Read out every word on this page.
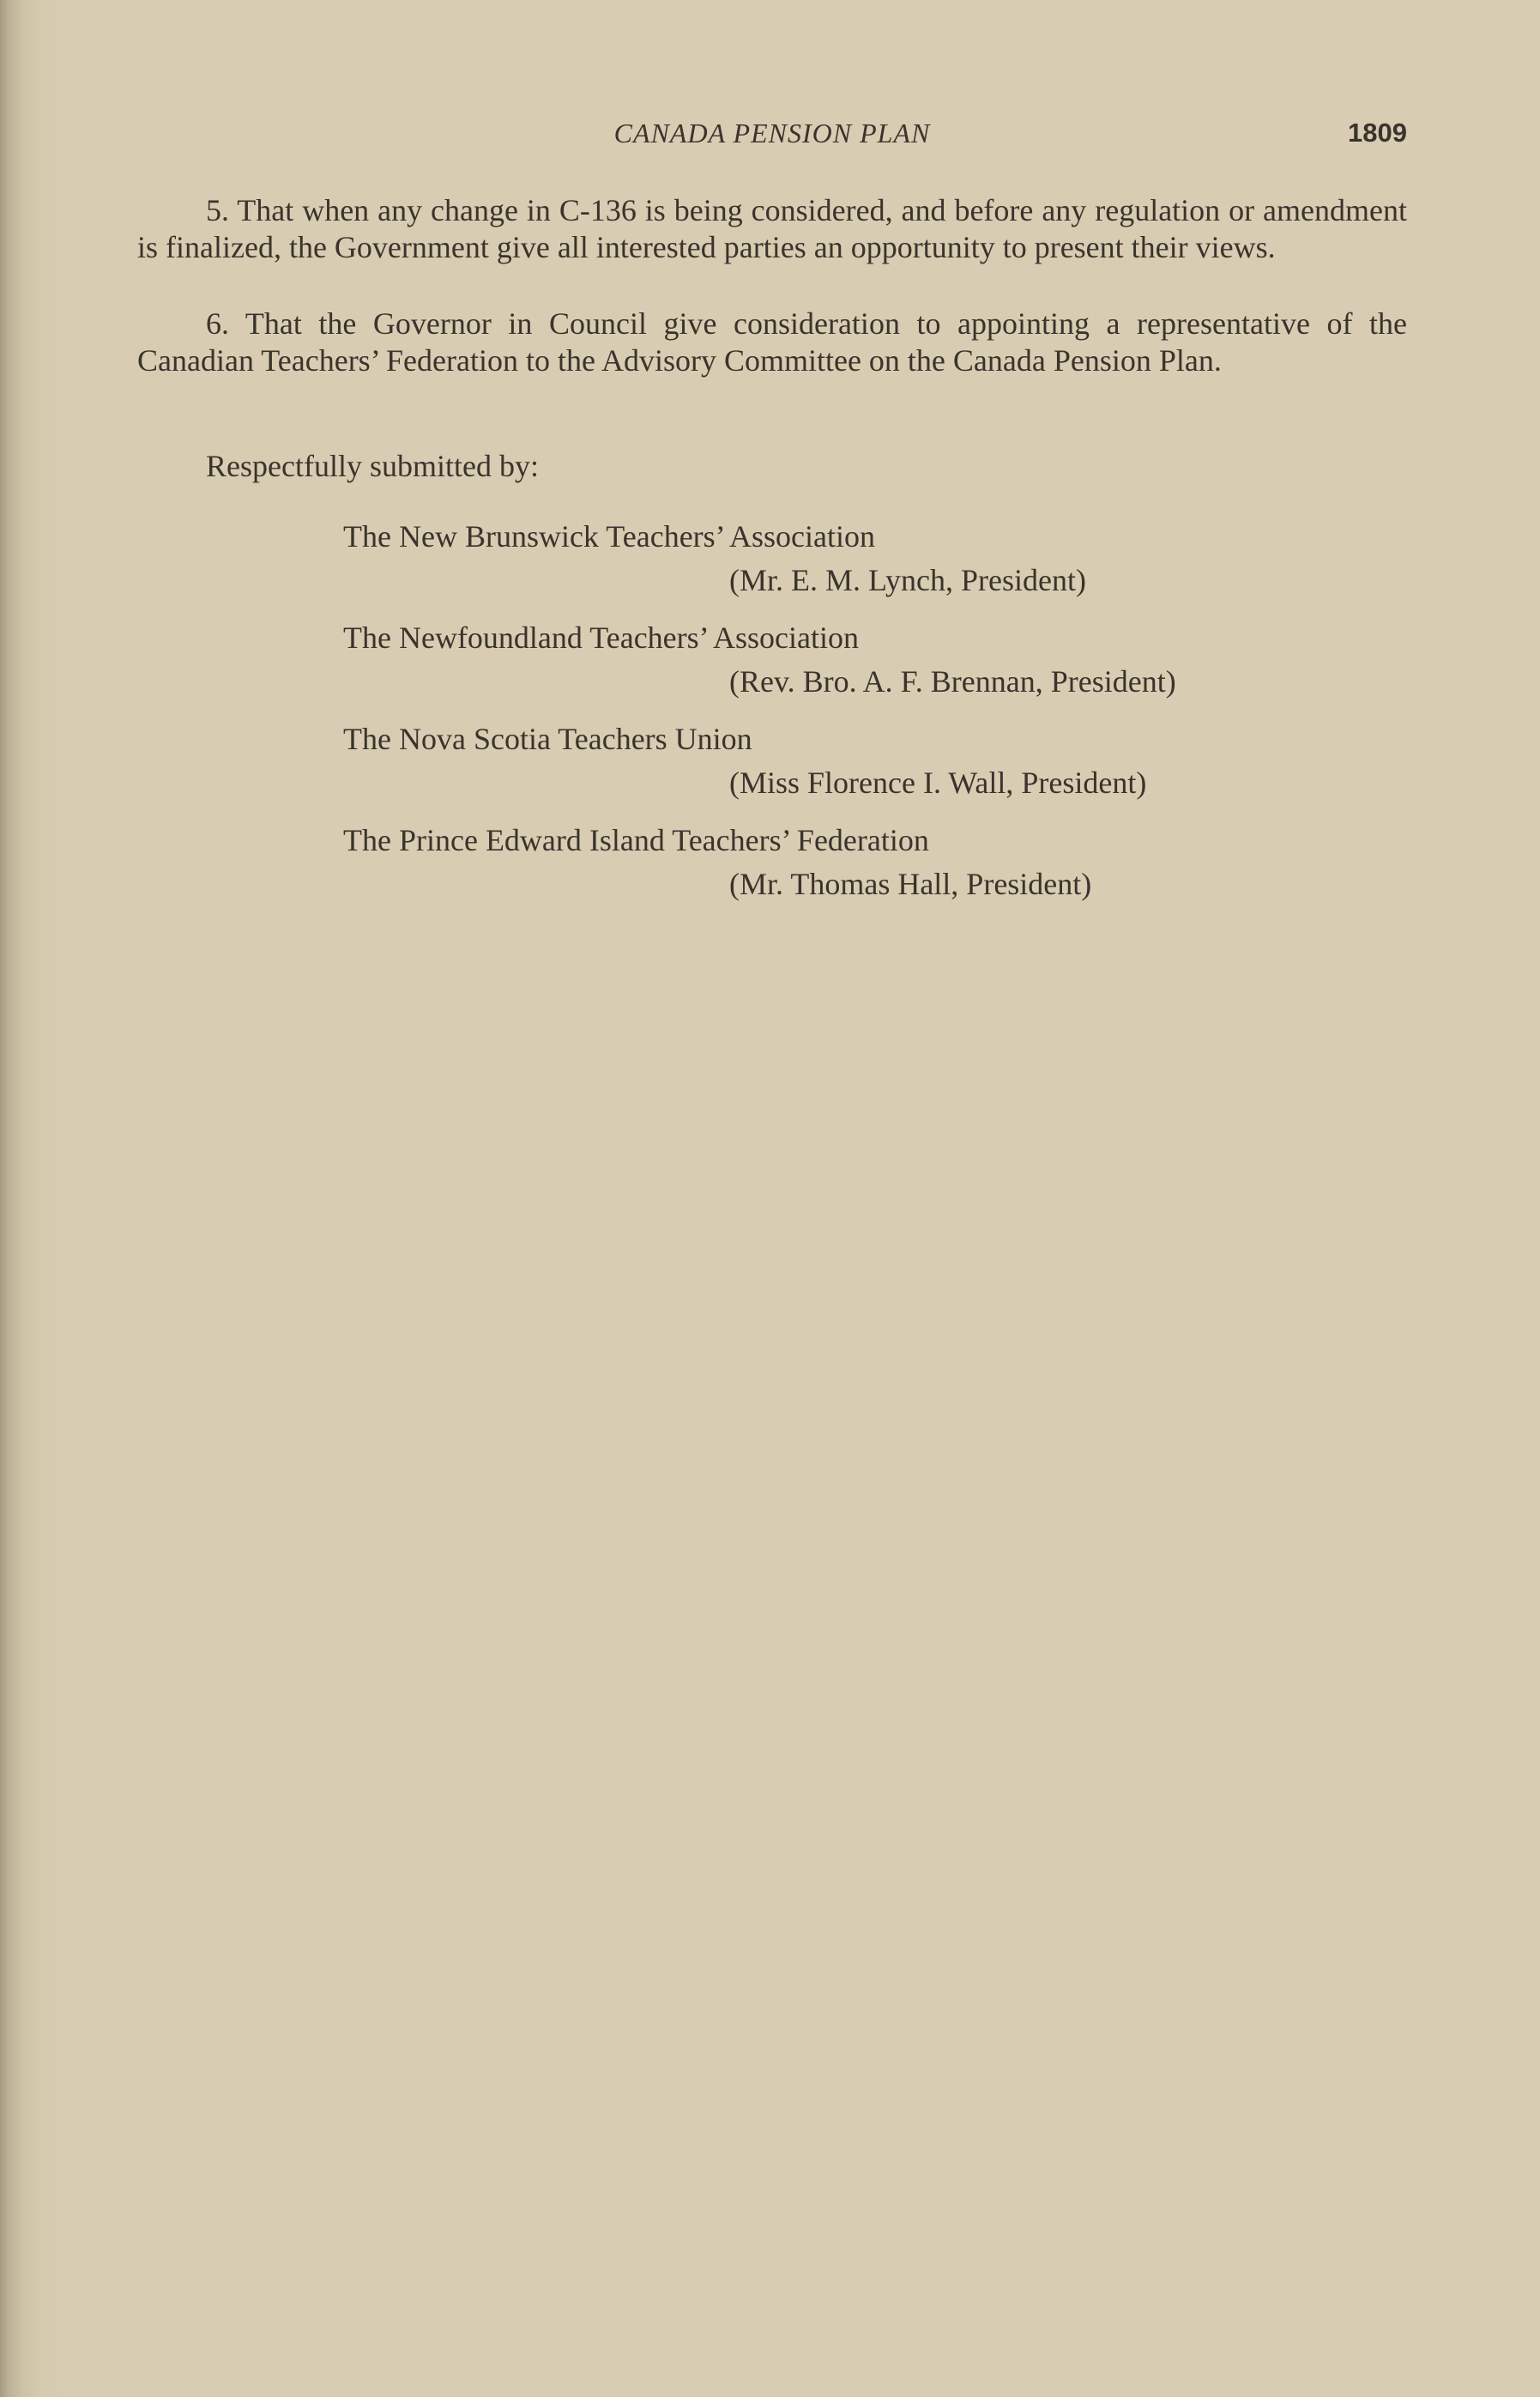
CANADA PENSION PLAN	1809

5. That when any change in C-136 is being considered, and before any regulation or amendment is finalized, the Government give all interested parties an opportunity to present their views.

6. That the Governor in Council give consideration to appointing a representative of the Canadian Teachers’ Federation to the Advisory Committee on the Canada Pension Plan.

Respectfully submitted by:
The New Brunswick Teachers’ Association
(Mr. E. M. Lynch, President)
The Newfoundland Teachers’ Association
(Rev. Bro. A. F. Brennan, President)
The Nova Scotia Teachers Union
(Miss Florence I. Wall, President)
The Prince Edward Island Teachers’ Federation
(Mr. Thomas Hall, President)
